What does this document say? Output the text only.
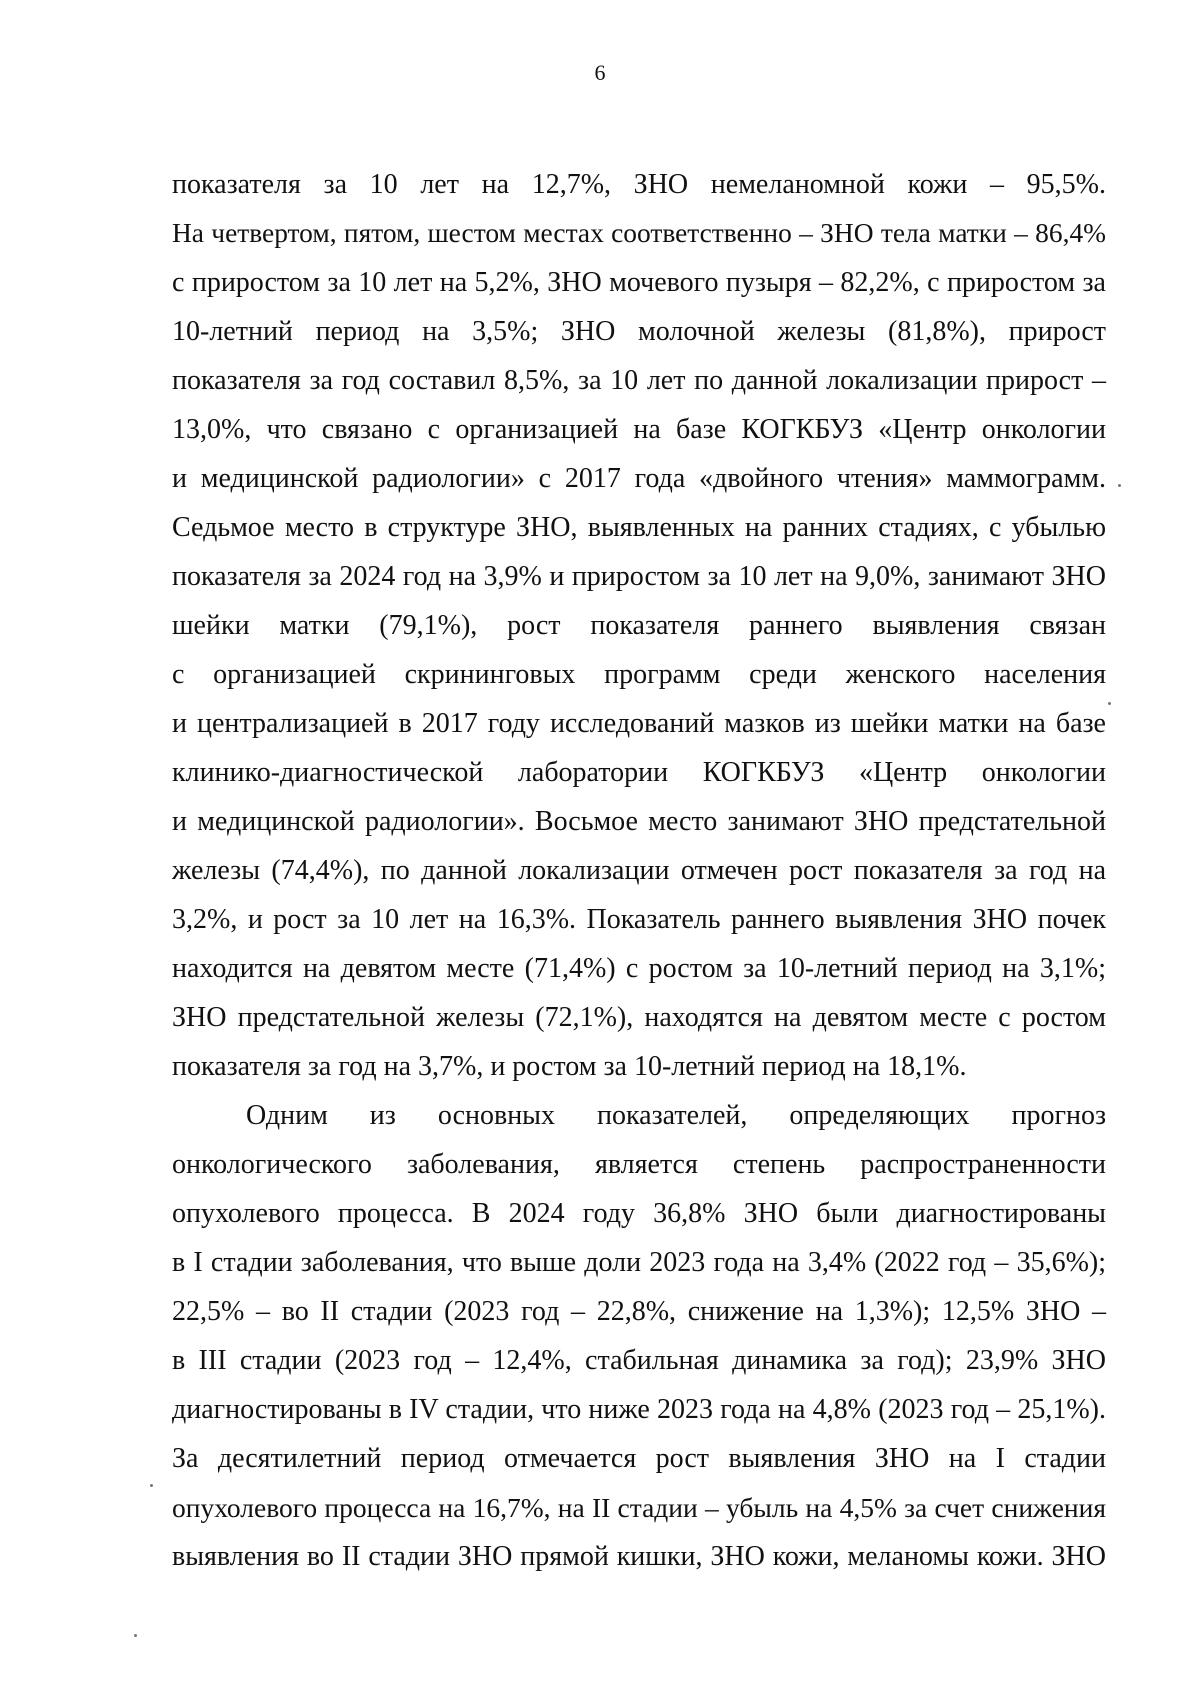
6
показателя за 10 лет на 12,7%, ЗНО немеланомной кожи – 95,5%.
На четвертом, пятом, шестом местах соответственно – ЗНО тела матки – 86,4%
с приростом за 10 лет на 5,2%, ЗНО мочевого пузыря – 82,2%, с приростом за
10-летний период на 3,5%; ЗНО молочной железы (81,8%), прирост
показателя за год составил 8,5%, за 10 лет по данной локализации прирост –
13,0%, что связано с организацией на базе КОГКБУЗ «Центр онкологии
и медицинской радиологии» с 2017 года «двойного чтения» маммограмм.
Седьмое место в структуре ЗНО, выявленных на ранних стадиях, с убылью
показателя за 2024 год на 3,9% и приростом за 10 лет на 9,0%, занимают ЗНО
шейки матки (79,1%), рост показателя раннего выявления связан
с организацией скрининговых программ среди женского населения
и централизацией в 2017 году исследований мазков из шейки матки на базе
клинико-диагностической лаборатории КОГКБУЗ «Центр онкологии
и медицинской радиологии». Восьмое место занимают ЗНО предстательной
железы (74,4%), по данной локализации отмечен рост показателя за год на
3,2%, и рост за 10 лет на 16,3%. Показатель раннего выявления ЗНО почек
находится на девятом месте (71,4%) с ростом за 10-летний период на 3,1%;
ЗНО предстательной железы (72,1%), находятся на девятом месте с ростом
показателя за год на 3,7%, и ростом за 10-летний период на 18,1%.
Одним из основных показателей, определяющих прогноз
онкологического заболевания, является степень распространенности
опухолевого процесса. В 2024 году 36,8% ЗНО были диагностированы
в I стадии заболевания, что выше доли 2023 года на 3,4% (2022 год – 35,6%);
22,5% – во II стадии (2023 год – 22,8%, снижение на 1,3%); 12,5% ЗНО –
в III стадии (2023 год – 12,4%, стабильная динамика за год); 23,9% ЗНО
диагностированы в IV стадии, что ниже 2023 года на 4,8% (2023 год – 25,1%).
За десятилетний период отмечается рост выявления ЗНО на I стадии
опухолевого процесса на 16,7%, на II стадии – убыль на 4,5% за счет снижения
выявления во II стадии ЗНО прямой кишки, ЗНО кожи, меланомы кожи. ЗНО
